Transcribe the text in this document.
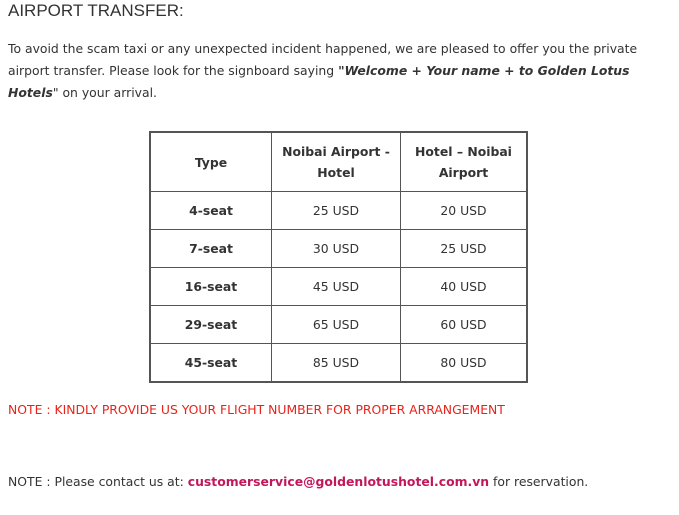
AIRPORT TRANSFER:

To avoid the scam taxi or any unexpected incident happened, we are pleased to offer you the private airport transfer. Please look for the signboard saying "Welcome + Your name + to Golden Lotus Hotels" on your arrival.

Type	Noibai Airport - Hotel	Hotel – Noibai Airport
4-seat	25 USD	20 USD
7-seat	30 USD	25 USD
16-seat	45 USD	40 USD
29-seat	65 USD	60 USD
45-seat	85 USD	80 USD

NOTE : KINDLY PROVIDE US YOUR FLIGHT NUMBER FOR PROPER ARRANGEMENT

NOTE : Please contact us at: customerservice@goldenlotushotel.com.vn for reservation.
